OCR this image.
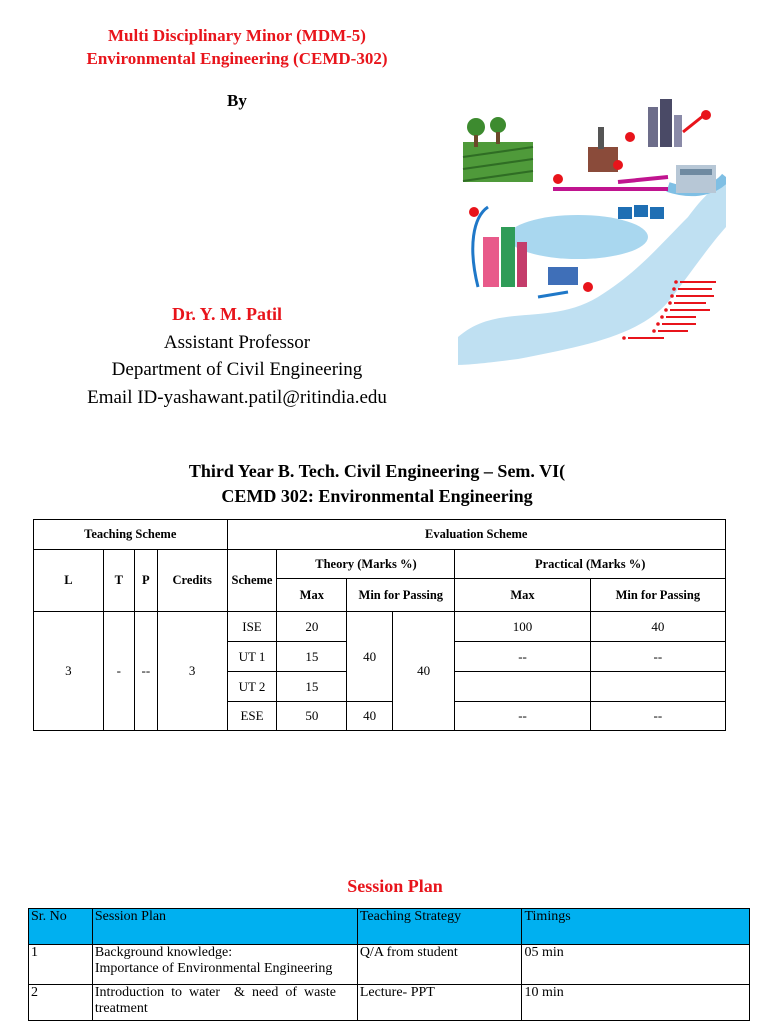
Multi Disciplinary Minor (MDM-5)
Environmental Engineering (CEMD-302)
By
Dr. Y. M. Patil
Assistant Professor
Department of Civil Engineering
Email ID-yashawant.patil@ritindia.edu
Third Year B. Tech. Civil Engineering – Sem. VI(
CEMD 302: Environmental Engineering
Teaching Scheme				Evaluation Scheme					
L	T	P	Credits	Scheme	Theory (Marks %)			Practical (Marks %)	
					Max	Min for Passing		Max	Min for Passing
3	-	--	3	ISE	20	40	40	100	40
				UT 1	15			--	--
				UT 2	15				
				ESE	50	40		--	--
Session Plan
Sr. No	Session Plan	Teaching Strategy	Timings
1	Background knowledge:
Importance of Environmental Engineering	Q/A from student	05 min
2	Introduction  to  water    &  need  of  waste
treatment	Lecture- PPT	10 min
